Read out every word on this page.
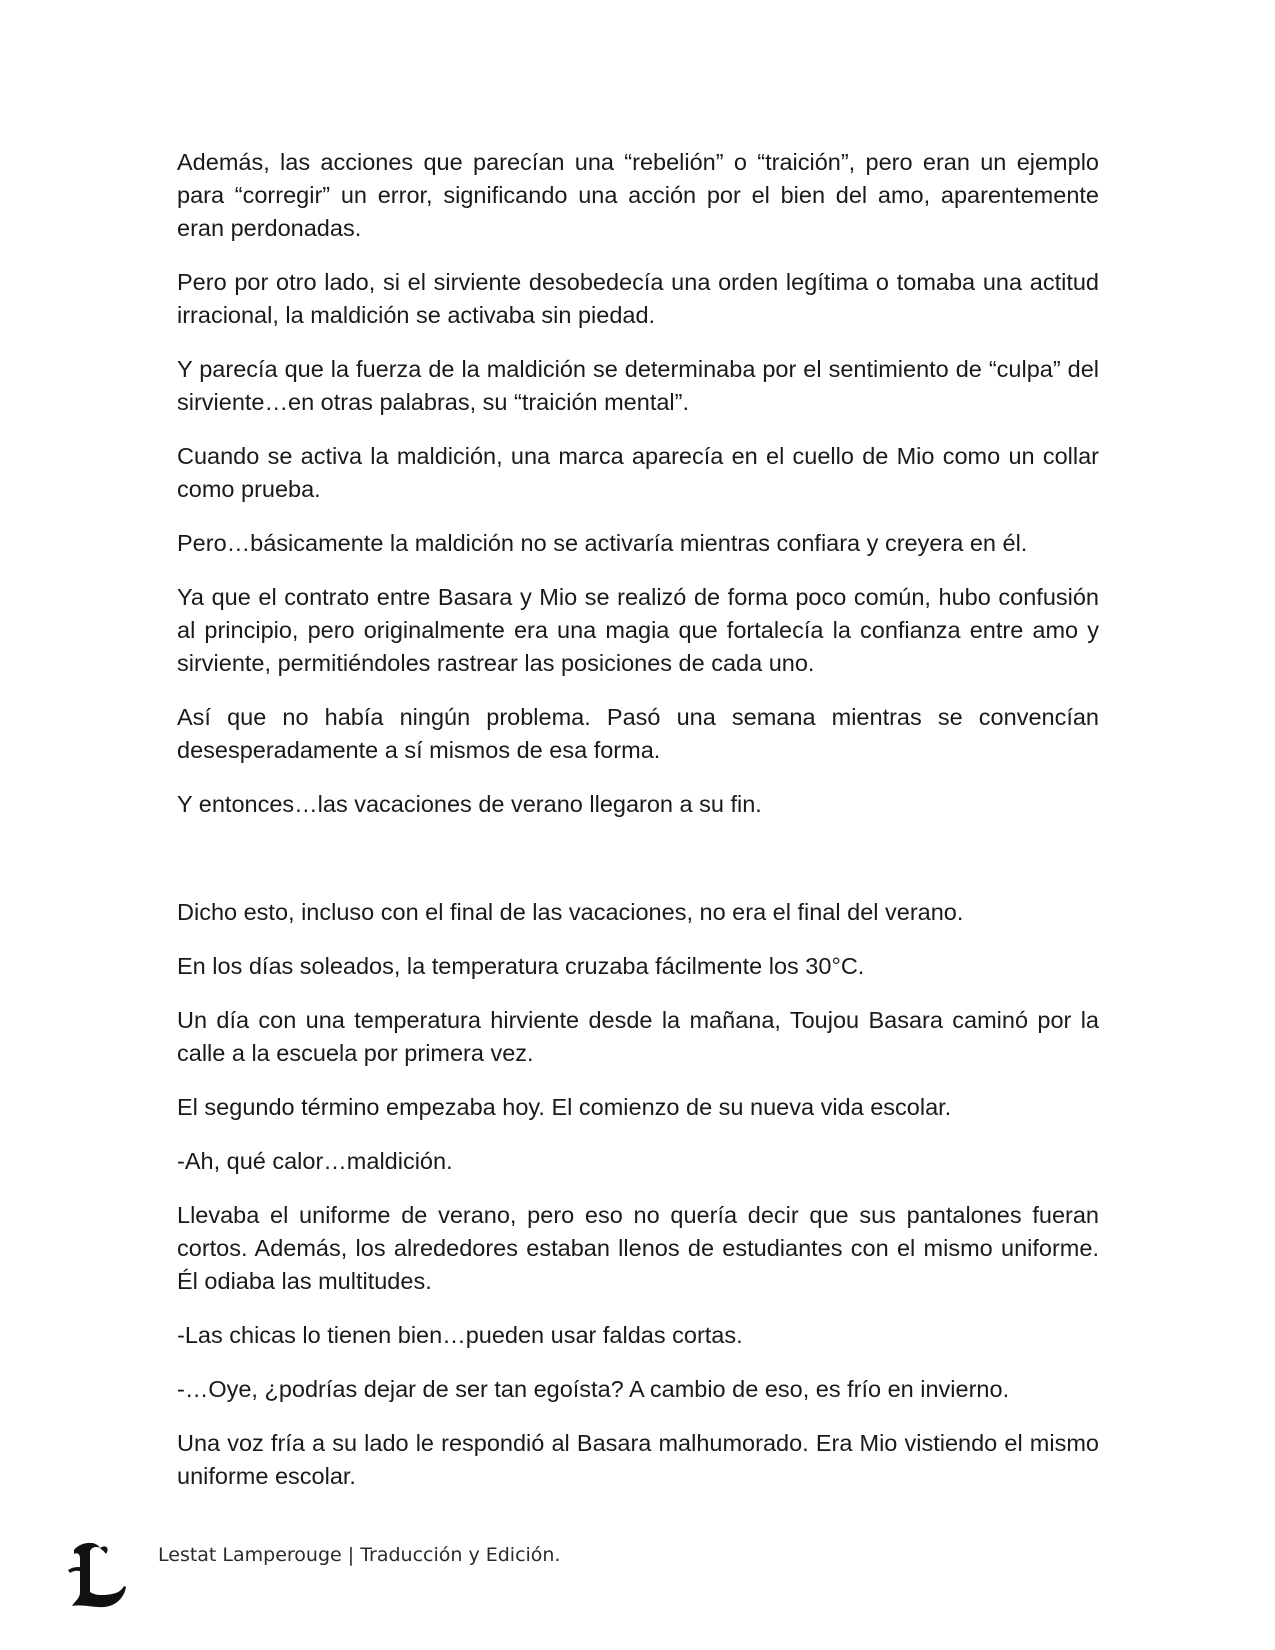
Además, las acciones que parecían una “rebelión” o “traición”, pero eran un ejemplo para “corregir” un error, significando una acción por el bien del amo, aparentemente eran perdonadas.

Pero por otro lado, si el sirviente desobedecía una orden legítima o tomaba una actitud irracional, la maldición se activaba sin piedad.

Y parecía que la fuerza de la maldición se determinaba por el sentimiento de “culpa” del sirviente…en otras palabras, su “traición mental”.

Cuando se activa la maldición, una marca aparecía en el cuello de Mio como un collar como prueba.

Pero…básicamente la maldición no se activaría mientras confiara y creyera en él.

Ya que el contrato entre Basara y Mio se realizó de forma poco común, hubo confusión al principio, pero originalmente era una magia que fortalecía la confianza entre amo y sirviente, permitiéndoles rastrear las posiciones de cada uno.

Así que no había ningún problema. Pasó una semana mientras se convencían desesperadamente a sí mismos de esa forma.

Y entonces…las vacaciones de verano llegaron a su fin.

Dicho esto, incluso con el final de las vacaciones, no era el final del verano.

En los días soleados, la temperatura cruzaba fácilmente los 30°C.

Un día con una temperatura hirviente desde la mañana, Toujou Basara caminó por la calle a la escuela por primera vez.

El segundo término empezaba hoy. El comienzo de su nueva vida escolar.

-Ah, qué calor…maldición.

Llevaba el uniforme de verano, pero eso no quería decir que sus pantalones fueran cortos. Además, los alrededores estaban llenos de estudiantes con el mismo uniforme. Él odiaba las multitudes.

-Las chicas lo tienen bien…pueden usar faldas cortas.

-…Oye, ¿podrías dejar de ser tan egoísta? A cambio de eso, es frío en invierno.

Una voz fría a su lado le respondió al Basara malhumorado. Era Mio vistiendo el mismo uniforme escolar.

Lestat Lamperouge | Traducción y Edición.
